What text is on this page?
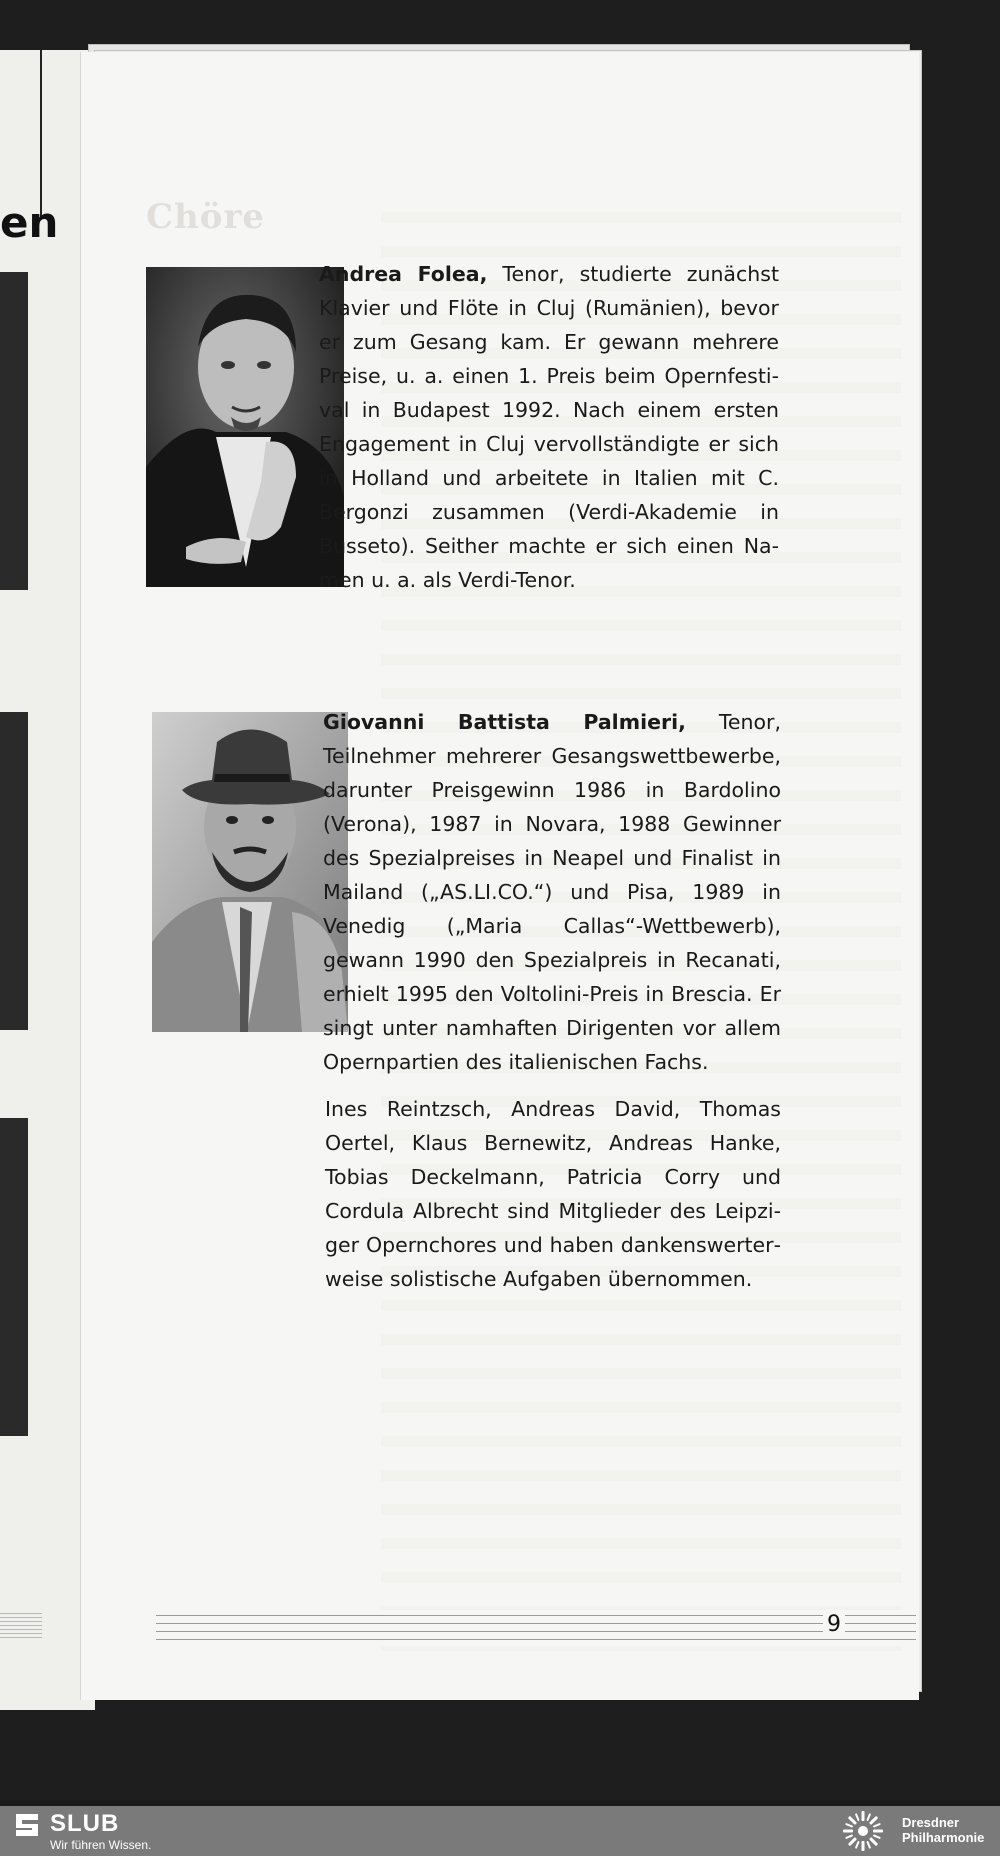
en	Chöre
Andrea Folea, Tenor, studierte zunächst Klavier und Flöte in Cluj (Rumänien), bevor er zum Gesang kam. Er gewann mehrere Preise, u. a. einen 1. Preis beim Opernfestival in Budapest 1992. Nach einem ersten Engagement in Cluj vervollständigte er sich in Holland und arbeitete in Italien mit C. Bergonzi zusammen (Verdi-Akademie in Busseto). Seither machte er sich einen Namen u. a. als Verdi-Tenor.
Giovanni Battista Palmieri, Tenor, Teilnehmer mehrerer Gesangswettbewerbe, darunter Preisgewinn 1986 in Bardolino (Verona), 1987 in Novara, 1988 Gewinner des Spezialpreises in Neapel und Finalist in Mailand („AS.LI.CO.“) und Pisa, 1989 in Venedig („Maria Callas“-Wettbewerb), gewann 1990 den Spezialpreis in Recanati, erhielt 1995 den Voltolini-Preis in Brescia. Er singt unter namhaften Dirigenten vor allem Opernpartien des italienischen Fachs.
Ines Reintzsch, Andreas David, Thomas Oertel, Klaus Bernewitz, Andreas Hanke, Tobias Deckelmann, Patricia Corry und Cordula Albrecht sind Mitglieder des Leipziger Opernchores und haben dankenswerterweise solistische Aufgaben übernommen.
9
SLUB
Wir führen Wissen.
Dresdner
Philharmonie
